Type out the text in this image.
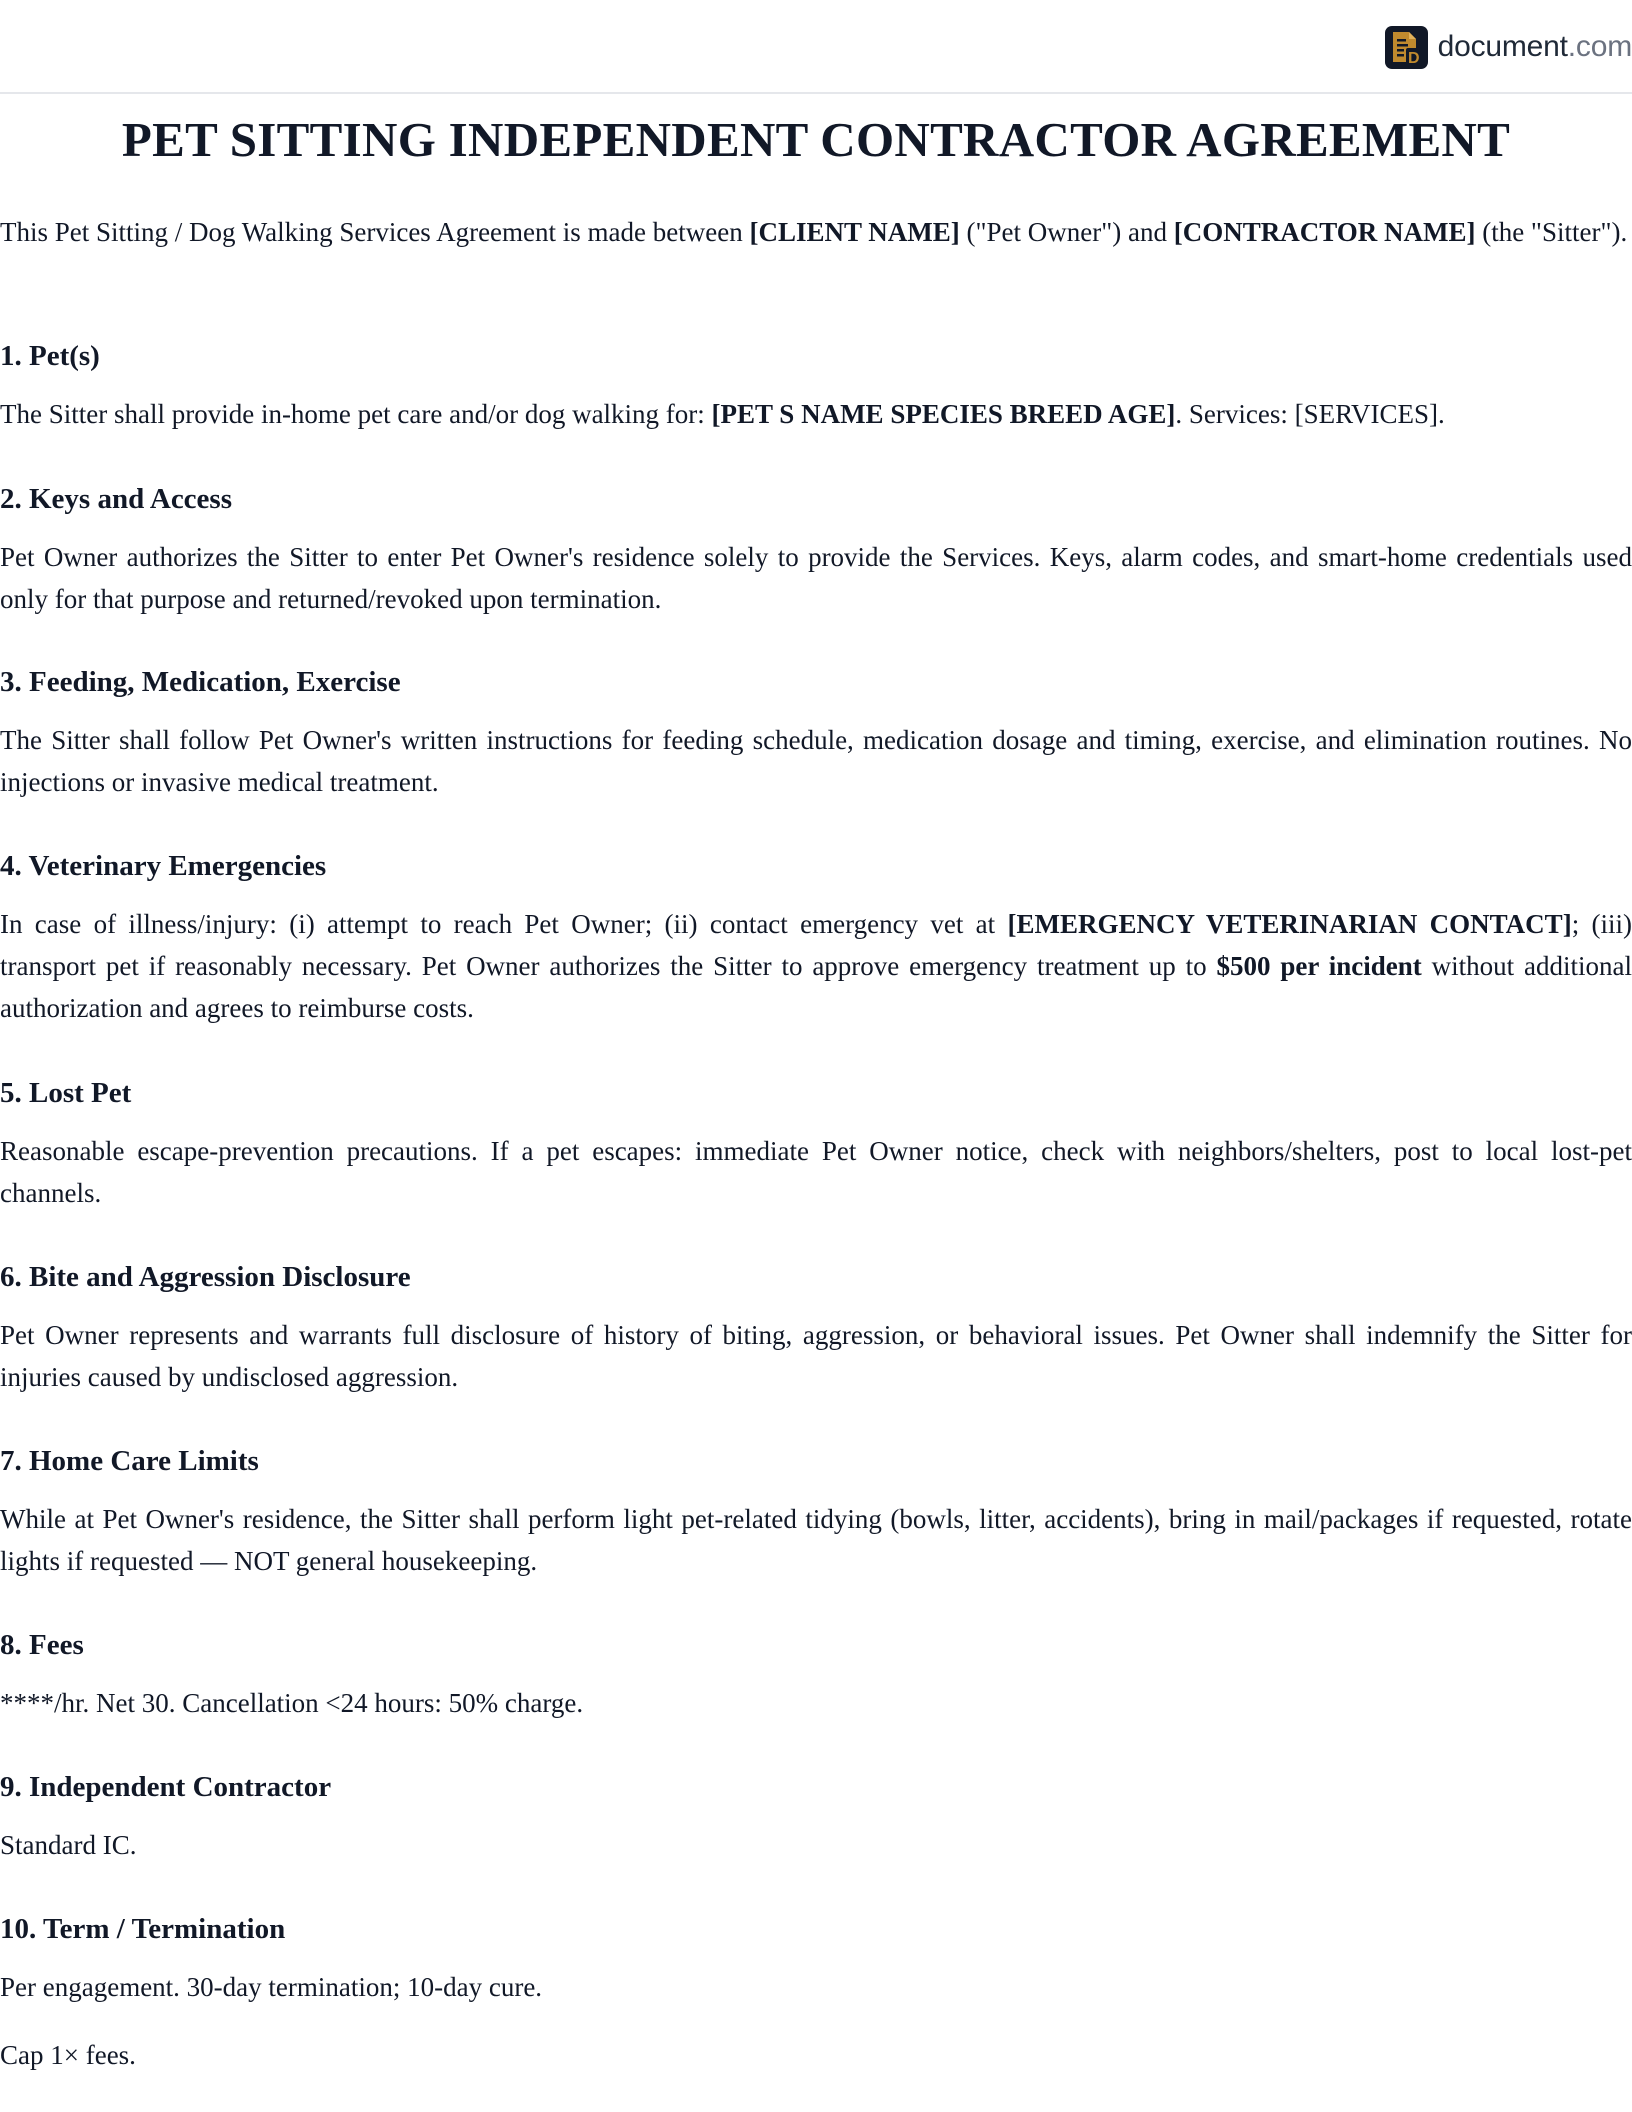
D document.com
PET SITTING INDEPENDENT CONTRACTOR AGREEMENT

This Pet Sitting / Dog Walking Services Agreement is made between [CLIENT NAME] ("Pet Owner") and [CONTRACTOR NAME] (the "Sitter").

1. Pet(s)

The Sitter shall provide in-home pet care and/or dog walking for: [PET S NAME SPECIES BREED AGE]. Services: [SERVICES].

2. Keys and Access

Pet Owner authorizes the Sitter to enter Pet Owner's residence solely to provide the Services. Keys, alarm codes, and smart-home credentials used only for that purpose and returned/revoked upon termination.

3. Feeding, Medication, Exercise

The Sitter shall follow Pet Owner's written instructions for feeding schedule, medication dosage and timing, exercise, and elimination routines. No injections or invasive medical treatment.

4. Veterinary Emergencies

In case of illness/injury: (i) attempt to reach Pet Owner; (ii) contact emergency vet at [EMERGENCY VETERINARIAN CONTACT]; (iii) transport pet if reasonably necessary. Pet Owner authorizes the Sitter to approve emergency treatment up to $500 per incident without additional authorization and agrees to reimburse costs.

5. Lost Pet

Reasonable escape-prevention precautions. If a pet escapes: immediate Pet Owner notice, check with neighbors/shelters, post to local lost-pet channels.

6. Bite and Aggression Disclosure

Pet Owner represents and warrants full disclosure of history of biting, aggression, or behavioral issues. Pet Owner shall indemnify the Sitter for injuries caused by undisclosed aggression.

7. Home Care Limits

While at Pet Owner's residence, the Sitter shall perform light pet-related tidying (bowls, litter, accidents), bring in mail/packages if requested, rotate lights if requested — NOT general housekeeping.

8. Fees

****/hr. Net 30. Cancellation <24 hours: 50% charge.

9. Independent Contractor

Standard IC.

10. Term / Termination

Per engagement. 30-day termination; 10-day cure.

Cap 1× fees.
